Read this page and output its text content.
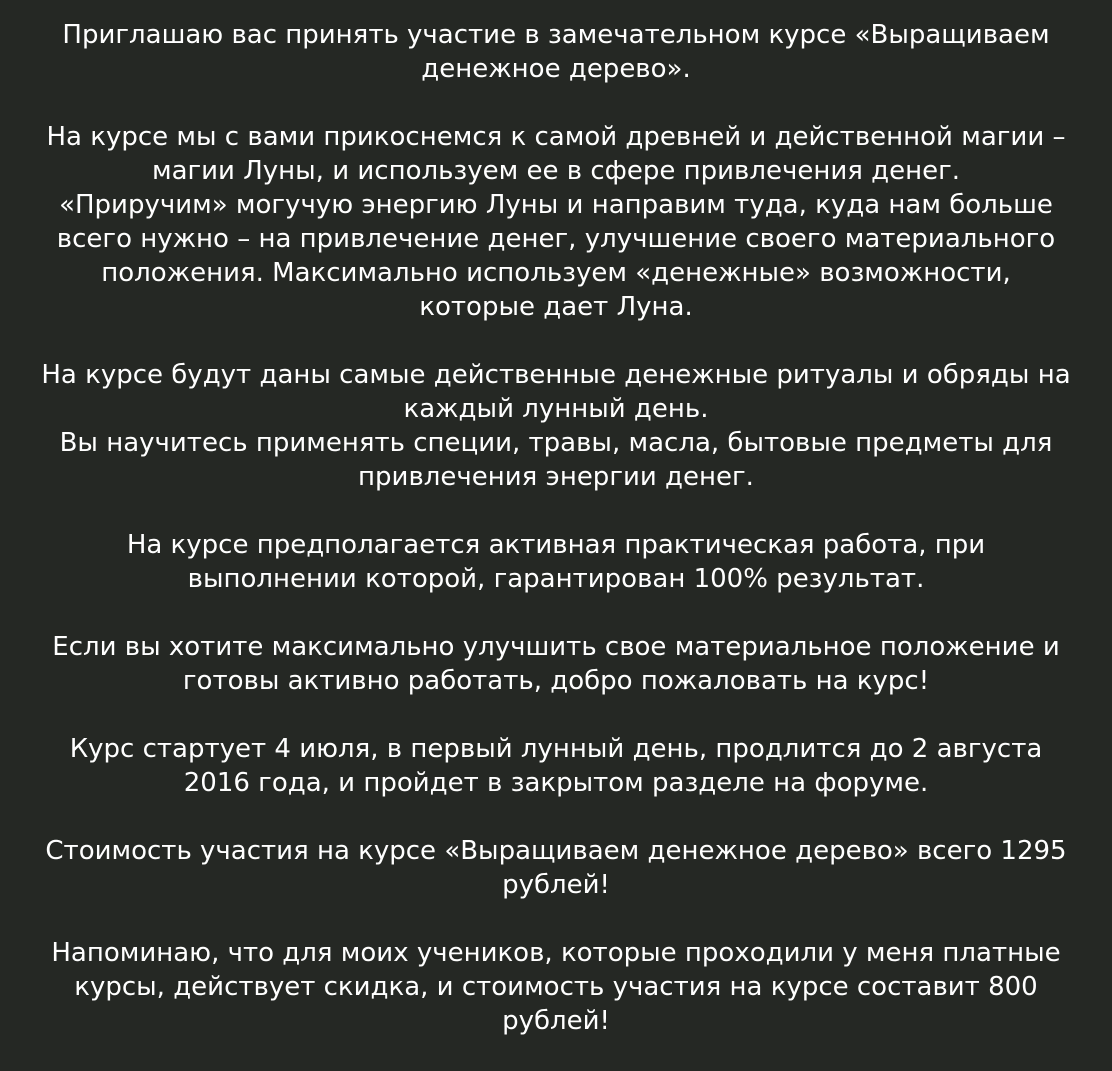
Приглашаю вас принять участие в замечательном курсе «Выращиваем
денежное дерево».

На курсе мы с вами прикоснемся к самой древней и действенной магии –
магии Луны, и используем ее в сфере привлечения денег.
«Приручим» могучую энергию Луны и направим туда, куда нам больше
всего нужно – на привлечение денег, улучшение своего материального
положения. Максимально используем «денежные» возможности,
которые дает Луна.

На курсе будут даны самые действенные денежные ритуалы и обряды на
каждый лунный день.
Вы научитесь применять специи, травы, масла, бытовые предметы для
привлечения энергии денег.

На курсе предполагается активная практическая работа, при
выполнении которой, гарантирован 100% результат.

Если вы хотите максимально улучшить свое материальное положение и
готовы активно работать, добро пожаловать на курс!

Курс стартует 4 июля, в первый лунный день, продлится до 2 августа
2016 года, и пройдет в закрытом разделе на форуме.

Стоимость участия на курсе «Выращиваем денежное дерево» всего 1295
рублей!

Напоминаю, что для моих учеников, которые проходили у меня платные
курсы, действует скидка, и стоимость участия на курсе составит 800
рублей!
